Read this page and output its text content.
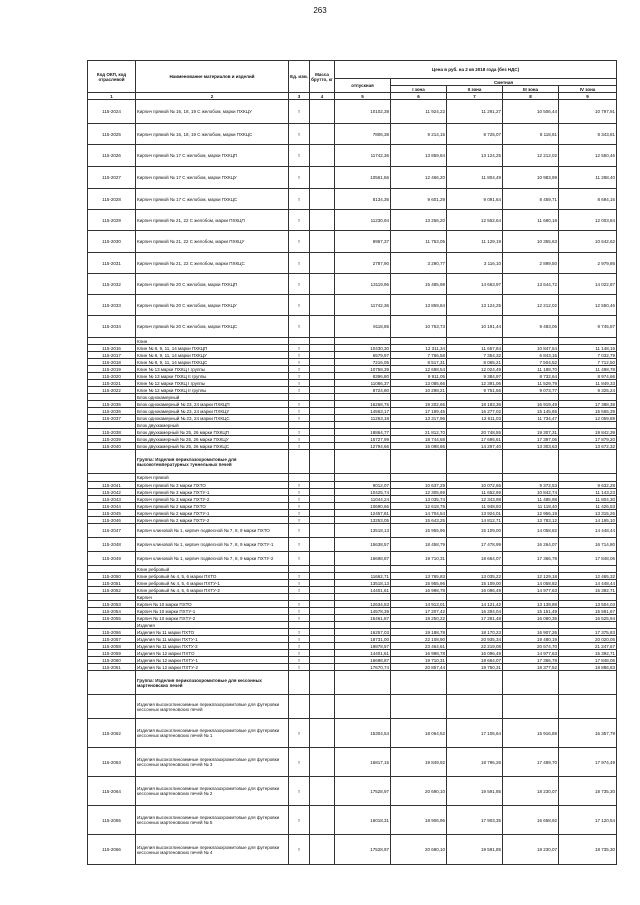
263
Код ОКП, код отраслевой	Наименование материалов и изделий	Ед. изм.	Масса брутто, кг	Цена в руб. на 2 кв 2018 года (без НДС)				
				отпускная	Сметная			
					I зона	II зона	III зона	IV зона
1	2	3	4	5	6	7	8	9
115-2024	Кирпич прямой № 16, 18, 19 С желобом, марки ПХКЦУ	т		10102,38	11 924,22	11 291,27	10 506,44	10 797,91
115-2025	Кирпич прямой № 16, 18, 19 С желобом, марки ПХКЦС	т		7806,38	9 214,15	8 725,07	8 118,61	8 343,81
115-2026	Кирпич прямой № 17 С желобом, марки ПХКЦП	т		11742,36	13 859,84	13 124,25	12 212,02	12 550,46
115-2027	Кирпич прямой № 17 С желобом, марки ПХКЦУ	т		10561,56	12 466,20	11 804,49	10 983,99	11 288,40
115-2028	Кирпич прямой № 17 С желобом, марки ПХКЦС	т		8134,36	9 601,29	9 091,64	8 459,71	8 694,16
115-2029	Кирпич прямой № 21, 22 С желобом, марки ПХКЦП	т		11230,94	13 256,20	12 552,64	11 680,18	12 003,84
115-2030	Кирпич прямой № 21, 22 С желобом, марки ПХКЦУ	т		9957,37	11 753,05	11 129,19	10 355,63	10 642,62
115-2031	Кирпич прямой № 21, 22 С желобом, марки ПХКЦС	т		2787,90	3 290,77	3 116,10	2 899,50	2 979,86
115-2032	Кирпич прямой № 20 С желобом, марки ПХКЦП	т		13119,96	15 485,98	14 663,97	13 644,72	14 022,87
115-2033	Кирпич прямой № 20 С желобом, марки ПХКЦУ	т		11742,36	13 859,84	13 124,25	12 212,02	12 550,46
115-2034	Кирпич прямой № 20 С желобом, марки ПХКЦС	т		9118,85	10 763,73	10 191,44	9 483,06	9 745,87
	Клин							
115-2016	Клин № 8, 9, 11, 14 марки ПХКЦП	т		10430,30	12 311,34	11 657,84	10 847,54	11 148,16
115-2017	Клин № 8, 9, 11, 14 марки ПХКЦУ	т		6579,97	7 766,58	7 354,32	6 843,15	7 032,79
115-2018	Клин № 8, 9, 11, 14 марки ПХКЦС	т		7216,05	8 517,31	8 065,21	7 504,52	7 712,50
115-2019	Клин № 13 марки ПХКЦ I группы	т		10758,39	12 698,54	12 024,49	11 188,70	11 498,78
115-2020	Клин № 13 марки ПХКЦ II группы	т		8396,80	9 911,05	9 384,97	8 732,64	8 974,66
115-2021	Клин № 12 марки ПХКЦ I группы	т		11086,37	13 085,66	12 391,06	11 529,79	11 849,33
115-2022	Клин № 12 марки ПХКЦ II группы	т		8724,80	10 298,21	9 751,56	9 073,77	9 325,24
	Блок однокамерный							
115-2035	Блок однокамерный № 23, 24 марки ПХКЦП	т		16268,75	19 202,65	18 183,36	16 919,49	17 388,38
115-2036	Блок однокамерный № 23, 24 марки ПХКЦУ	т		14563,17	17 189,45	16 277,02	15 145,65	15 565,39
115-2037	Блок однокамерный № 23, 24 марки ПХКЦС	т		11263,18	13 317,96	12 611,03	11 734,47	12 059,88
	Блок двухкамерный							
115-2038	Блок двухкамерный № 25, 26 марки ПХКЦП	т		18864,77	21 812,70	20 748,55	19 307,31	19 842,39
115-2039	Блок двухкамерный № 25, 26 марки ПХКЦУ	т		15727,99	18 744,68	17 696,61	17 397,06	17 879,20
115-2040	Блок двухкамерный № 25, 26 марки ПХКЦС	т		12794,66	15 098,86	14 297,40	13 303,63	13 672,32
	Группа: Изделия периклазохромитовые для высокотемпературных туннельных печей							
	Кирпич прямой							
115-2041	Кирпич прямой № 3 марки ПХТО	т		9012,07	10 637,29	10 072,65	9 372,53	9 632,28
115-2042	Кирпич прямой № 3 марки ПХТУ-1	т		10425,74	12 305,69	11 652,69	10 842,74	11 143,23
115-2043	Кирпич прямой № 3 марки ПХТУ-2	т		11044,24	13 035,74	12 343,98	11 485,98	11 804,30
115-2044	Кирпич прямой № 2 марки ПХТО	т		10690,66	12 618,75	11 948,93	11 118,40	11 426,53
115-2045	Кирпич прямой № 2 марки ПХТУ-1	т		12457,81	14 704,54	13 924,01	12 956,19	13 315,26
115-2046	Кирпич прямой № 2 марки ПХТУ-2	т		13253,05	15 643,25	14 812,71	13 783,12	14 165,10
115-2047	Кирпич клиновой № 1, кирпич подвесной № 7, 8, 9 марки ПХТО	т		13518,13	15 955,96	15 109,00	14 058,82	14 448,44
115-2048	Кирпич клиновой № 1, кирпич подвесной № 7, 8, 9 марки ПХТУ-1	т		15638,57	18 458,79	17 478,99	16 264,07	16 714,80
115-2049	Кирпич клиновой № 1, кирпич подвесной № 7, 8, 9 марки ПХТУ-2	т		16698,87	19 710,31	18 664,07	17 366,78	17 848,06
	Клин ребровый							
115-2050	Клин ребровый № 4, 5, 6 марки ПХТО	т		11662,71	13 765,83	13 035,22	12 129,18	12 465,32
115-2051	Клин ребровый № 4, 5, 6 марки ПХТУ-1	т		13518,13	15 955,96	15 109,00	14 058,82	14 448,44
115-2052	Клин ребровый № 4, 5, 6 марки ПХТУ-2	т		14401,61	16 998,78	16 096,49	14 977,63	15 392,71
	Кирпич							
115-2053	Кирпич № 10 марки ПХТО	т		12634,53	14 913,01	14 121,42	13 139,88	13 504,03
115-2054	Кирпич № 10 марки ПХТУ-1	т		14578,39	17 207,42	16 294,04	15 161,49	15 581,67
115-2055	Кирпич № 10 марки ПХТУ-2	т		15461,87	18 250,22	17 281,48	16 080,35	16 525,94
	Изделия							
115-2056	Изделия № 11 марки ПХТО	т		16257,03	19 188,78	18 170,23	16 907,26	17 375,83
115-2057	Изделия № 11 марки ПХТУ-1	т		18731,00	22 108,90	20 935,34	19 480,19	20 020,05
115-2058	Изделия № 11 марки ПХТУ-2	т		19878,57	23 464,61	22 219,08	20 674,70	21 247,67
115-2059	Изделия № 12 марки ПХТО	т		14401,61	16 998,78	16 096,49	14 977,63	15 392,71
115-2060	Изделия № 12 марки ПХТУ-1	т		16698,87	19 710,31	18 664,07	17 366,78	17 848,06
115-2061	Изделия № 12 марки ПХТУ-2	т		17670,74	20 857,44	19 750,31	18 377,52	18 886,83
	Группа: Изделия периклазохромитовые для кессонных мартеновских печей							
	Изделия высокоглиноземные периклазохромитовые для футеровки кессонных мартеновских печей							
115-2062	Изделия высокоглиноземные периклазохромитовые для футеровки кессонных мартеновских печей № 1	т		15304,54	18 064,52	17 105,64	15 916,88	16 357,79
115-2063	Изделия высокоглиноземные периклазохромитовые для футеровки кессонных мартеновских печей № 3	т		16817,15	19 849,92	18 796,26	17 489,70	17 974,49
115-2064	Изделия высокоглиноземные периклазохромитовые для футеровки кессонных мартеновских печей № 2	т		17528,97	20 690,10	19 591,85	18 230,07	18 735,30
115-2065	Изделия высокоглиноземные периклазохромитовые для футеровки кессонных мартеновских печей № 5	т		16018,31	18 906,96	17 903,35	16 658,92	17 120,54
115-2066	Изделия высокоглиноземные периклазохромитовые для футеровки кессонных мартеновских печей № 4	т		17528,97	20 690,10	19 591,85	18 230,07	18 735,30
